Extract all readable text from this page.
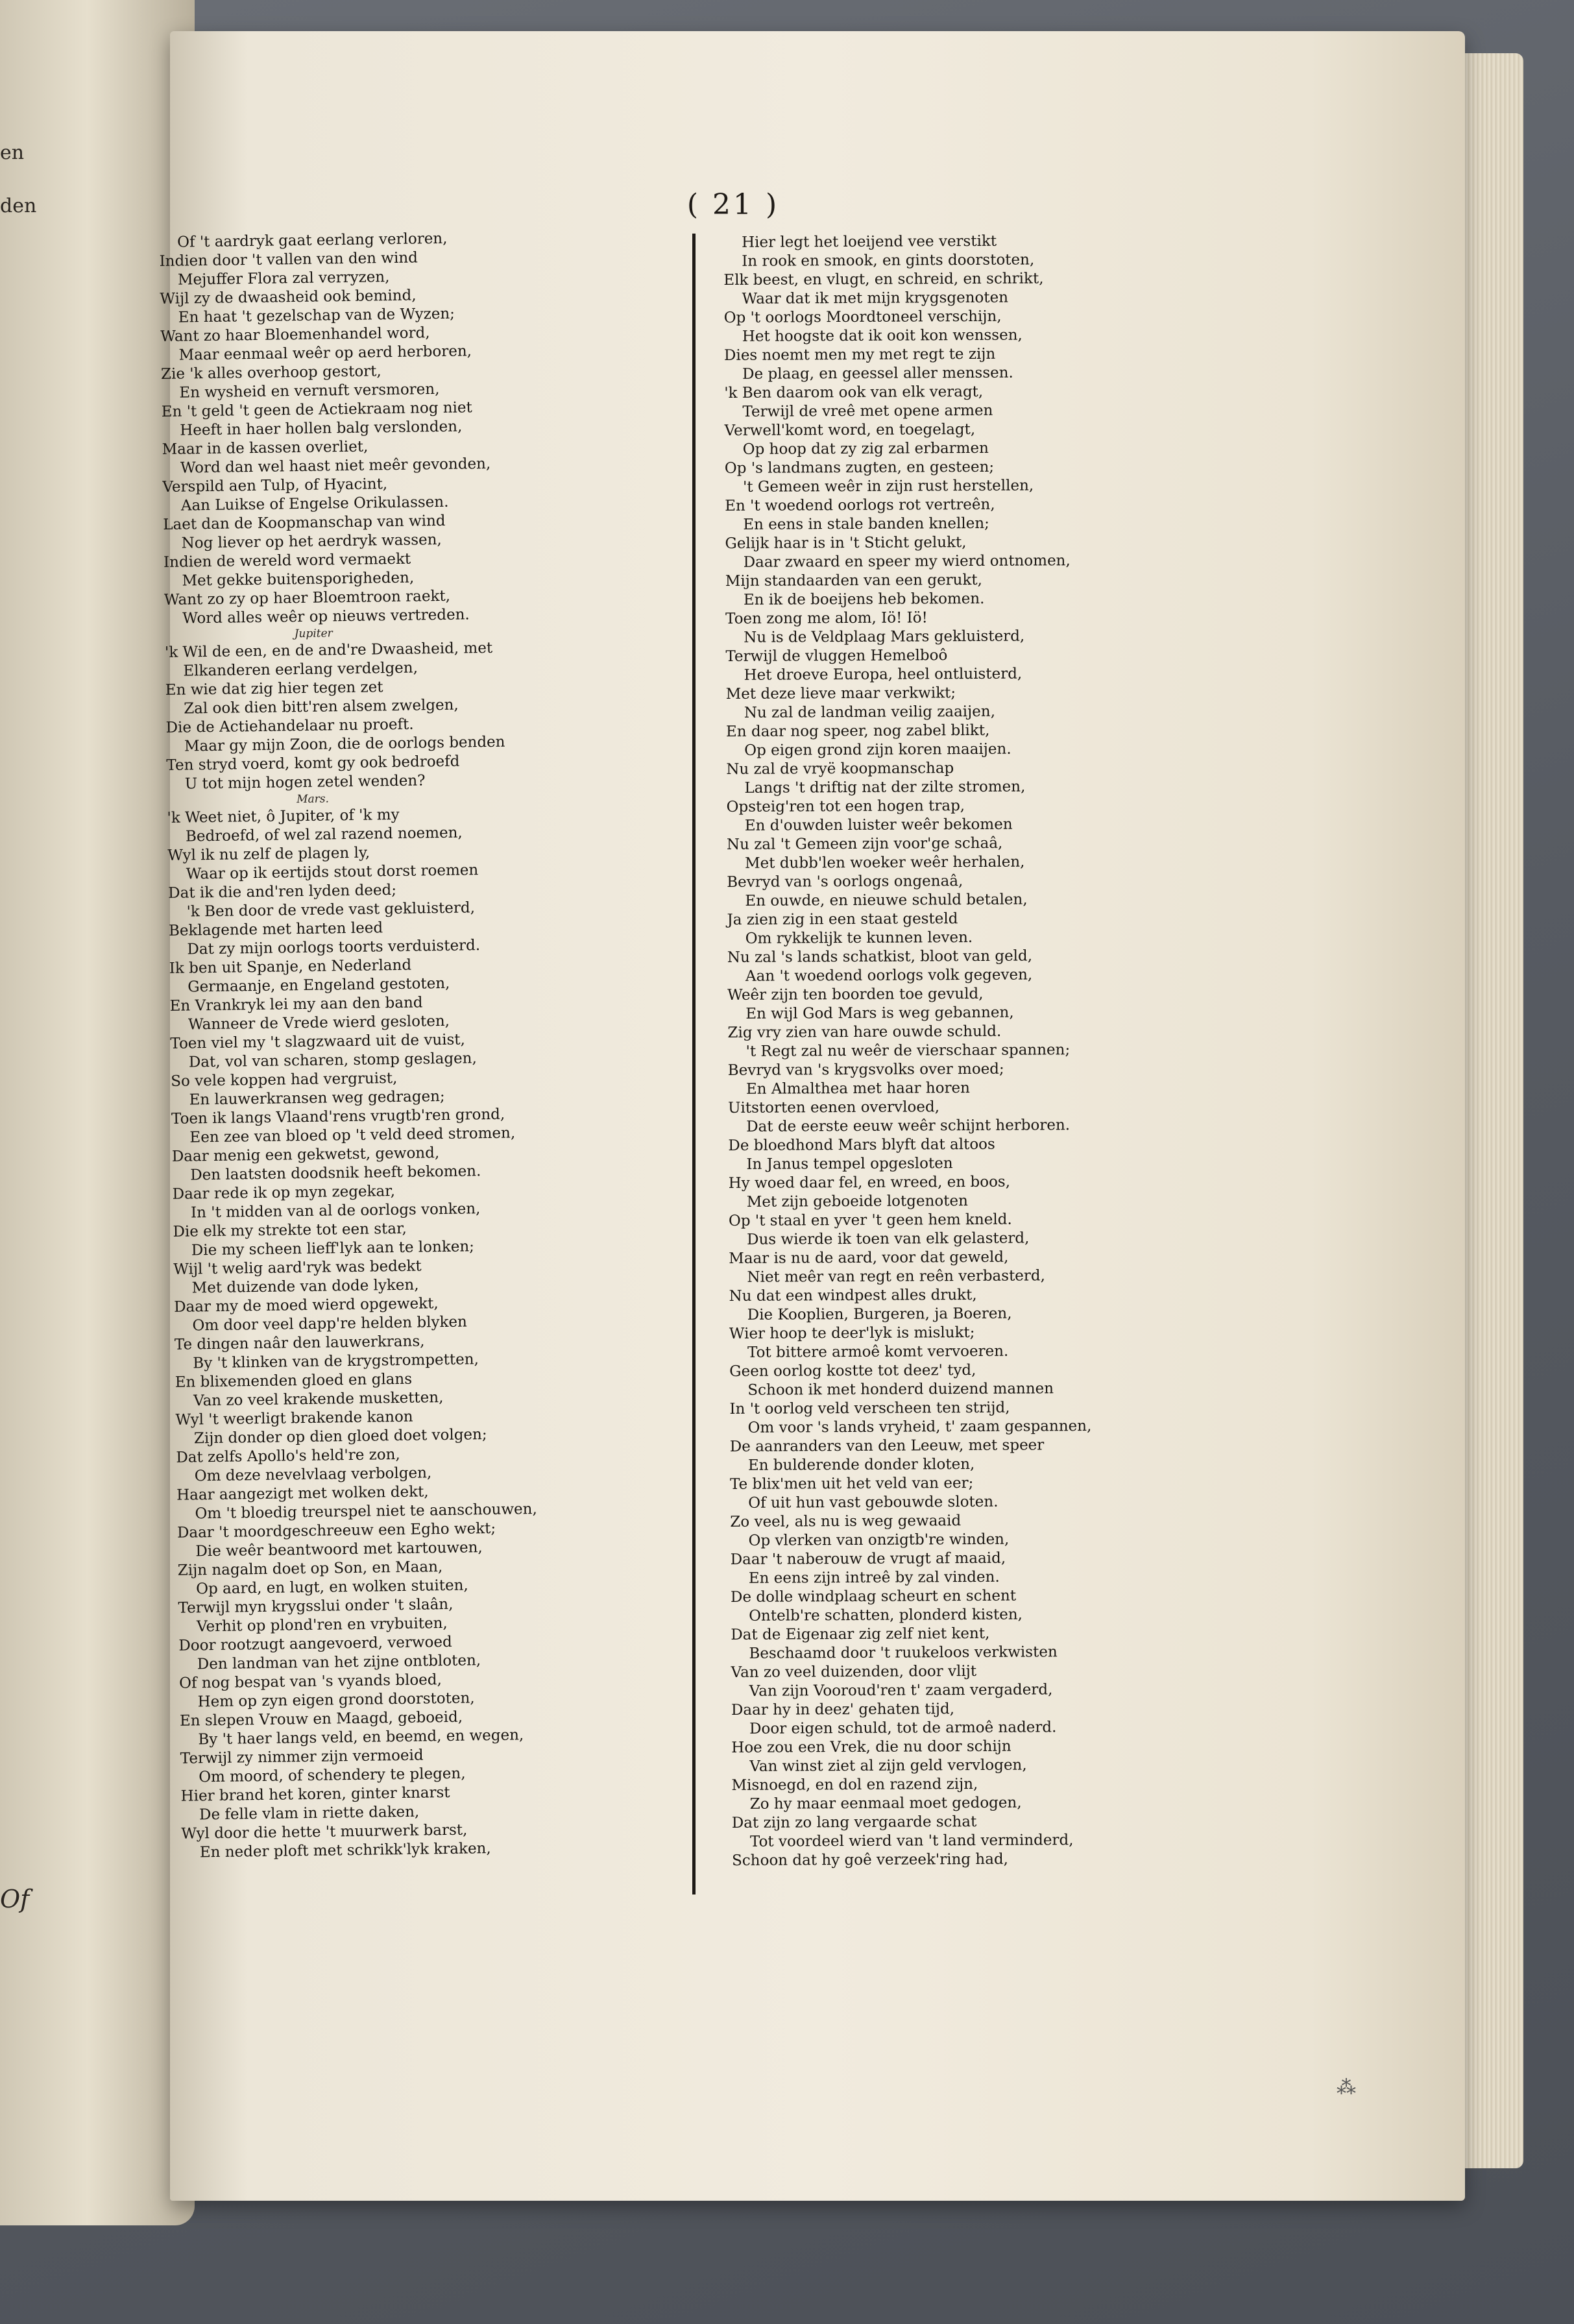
en
den
Of
( 21 )
Of 't aardryk gaat eerlang verloren,
Indien door 't vallen van den wind
Mejuffer Flora zal verryzen,
Wijl zy de dwaasheid ook bemind,
En haat 't gezelschap van de Wyzen;
Want zo haar Bloemenhandel word,
Maar eenmaal weêr op aerd herboren,
Zie 'k alles overhoop gestort,
En wysheid en vernuft versmoren,
En 't geld 't geen de Actiekraam nog niet
Heeft in haer hollen balg verslonden,
Maar in de kassen overliet,
Word dan wel haast niet meêr gevonden,
Verspild aen Tulp, of Hyacint,
Aan Luikse of Engelse Orikulassen.
Laet dan de Koopmanschap van wind
Nog liever op het aerdryk wassen,
Indien de wereld word vermaekt
Met gekke buitensporigheden,
Want zo zy op haer Bloemtroon raekt,
Word alles weêr op nieuws vertreden.
Jupiter
'k Wil de een, en de and're Dwaasheid, met
Elkanderen eerlang verdelgen,
En wie dat zig hier tegen zet
Zal ook dien bitt'ren alsem zwelgen,
Die de Actiehandelaar nu proeft.
Maar gy mijn Zoon, die de oorlogs benden
Ten stryd voerd, komt gy ook bedroefd
U tot mijn hogen zetel wenden?
Mars.
'k Weet niet, ô Jupiter, of 'k my
Bedroefd, of wel zal razend noemen,
Wyl ik nu zelf de plagen ly,
Waar op ik eertijds stout dorst roemen
Dat ik die and'ren lyden deed;
'k Ben door de vrede vast gekluisterd,
Beklagende met harten leed
Dat zy mijn oorlogs toorts verduisterd.
Ik ben uit Spanje, en Nederland
Germaanje, en Engeland gestoten,
En Vrankryk lei my aan den band
Wanneer de Vrede wierd gesloten,
Toen viel my 't slagzwaard uit de vuist,
Dat, vol van scharen, stomp geslagen,
So vele koppen had vergruist,
En lauwerkransen weg gedragen;
Toen ik langs Vlaand'rens vrugtb'ren grond,
Een zee van bloed op 't veld deed stromen,
Daar menig een gekwetst, gewond,
Den laatsten doodsnik heeft bekomen.
Daar rede ik op myn zegekar,
In 't midden van al de oorlogs vonken,
Die elk my strekte tot een star,
Die my scheen lieff'lyk aan te lonken;
Wijl 't welig aard'ryk was bedekt
Met duizende van dode lyken,
Daar my de moed wierd opgewekt,
Om door veel dapp're helden blyken
Te dingen naâr den lauwerkrans,
By 't klinken van de krygstrompetten,
En blixemenden gloed en glans
Van zo veel krakende musketten,
Wyl 't weerligt brakende kanon
Zijn donder op dien gloed doet volgen;
Dat zelfs Apollo's held're zon,
Om deze nevelvlaag verbolgen,
Haar aangezigt met wolken dekt,
Om 't bloedig treurspel niet te aanschouwen,
Daar 't moordgeschreeuw een Egho wekt;
Die weêr beantwoord met kartouwen,
Zijn nagalm doet op Son, en Maan,
Op aard, en lugt, en wolken stuiten,
Terwijl myn krygsslui onder 't slaân,
Verhit op plond'ren en vrybuiten,
Door rootzugt aangevoerd, verwoed
Den landman van het zijne ontbloten,
Of nog bespat van 's vyands bloed,
Hem op zyn eigen grond doorstoten,
En slepen Vrouw en Maagd, geboeid,
By 't haer langs veld, en beemd, en wegen,
Terwijl zy nimmer zijn vermoeid
Om moord, of schendery te plegen,
Hier brand het koren, ginter knarst
De felle vlam in riette daken,
Wyl door die hette 't muurwerk barst,
En neder ploft met schrikk'lyk kraken,
Hier legt het loeijend vee verstikt
In rook en smook, en gints doorstoten,
Elk beest, en vlugt, en schreid, en schrikt,
Waar dat ik met mijn krygsgenoten
Op 't oorlogs Moordtoneel verschijn,
Het hoogste dat ik ooit kon wenssen,
Dies noemt men my met regt te zijn
De plaag, en geessel aller menssen.
'k Ben daarom ook van elk veragt,
Terwijl de vreê met opene armen
Verwell'komt word, en toegelagt,
Op hoop dat zy zig zal erbarmen
Op 's landmans zugten, en gesteen;
't Gemeen weêr in zijn rust herstellen,
En 't woedend oorlogs rot vertreên,
En eens in stale banden knellen;
Gelijk haar is in 't Sticht gelukt,
Daar zwaard en speer my wierd ontnomen,
Mijn standaarden van een gerukt,
En ik de boeijens heb bekomen.
Toen zong me alom, Iö! Iö!
Nu is de Veldplaag Mars gekluisterd,
Terwijl de vluggen Hemelboô
Het droeve Europa, heel ontluisterd,
Met deze lieve maar verkwikt;
Nu zal de landman veilig zaaijen,
En daar nog speer, nog zabel blikt,
Op eigen grond zijn koren maaijen.
Nu zal de vryë koopmanschap
Langs 't driftig nat der zilte stromen,
Opsteig'ren tot een hogen trap,
En d'ouwden luister weêr bekomen
Nu zal 't Gemeen zijn voor'ge schaâ,
Met dubb'len woeker weêr herhalen,
Bevryd van 's oorlogs ongenaâ,
En ouwde, en nieuwe schuld betalen,
Ja zien zig in een staat gesteld
Om rykkelijk te kunnen leven.
Nu zal 's lands schatkist, bloot van geld,
Aan 't woedend oorlogs volk gegeven,
Weêr zijn ten boorden toe gevuld,
En wijl God Mars is weg gebannen,
Zig vry zien van hare ouwde schuld.
't Regt zal nu weêr de vierschaar spannen;
Bevryd van 's krygsvolks over moed;
En Almalthea met haar horen
Uitstorten eenen overvloed,
Dat de eerste eeuw weêr schijnt herboren.
De bloedhond Mars blyft dat altoos
In Janus tempel opgesloten
Hy woed daar fel, en wreed, en boos,
Met zijn geboeide lotgenoten
Op 't staal en yver 't geen hem kneld.
Dus wierde ik toen van elk gelasterd,
Maar is nu de aard, voor dat geweld,
Niet meêr van regt en reên verbasterd,
Nu dat een windpest alles drukt,
Die Kooplien, Burgeren, ja Boeren,
Wier hoop te deer'lyk is mislukt;
Tot bittere armoê komt vervoeren.
Geen oorlog kostte tot deez' tyd,
Schoon ik met honderd duizend mannen
In 't oorlog veld verscheen ten strijd,
Om voor 's lands vryheid, t' zaam gespannen,
De aanranders van den Leeuw, met speer
En bulderende donder kloten,
Te blix'men uit het veld van eer;
Of uit hun vast gebouwde sloten.
Zo veel, als nu is weg gewaaid
Op vlerken van onzigtb're winden,
Daar 't naberouw de vrugt af maaid,
En eens zijn intreê by zal vinden.
De dolle windplaag scheurt en schent
Ontelb're schatten, plonderd kisten,
Dat de Eigenaar zig zelf niet kent,
Beschaamd door 't ruukeloos verkwisten
Van zo veel duizenden, door vlijt
Van zijn Vooroud'ren t' zaam vergaderd,
Daar hy in deez' gehaten tijd,
Door eigen schuld, tot de armoê naderd.
Hoe zou een Vrek, die nu door schijn
Van winst ziet al zijn geld vervlogen,
Misnoegd, en dol en razend zijn,
Zo hy maar eenmaal moet gedogen,
Dat zijn zo lang vergaarde schat
Tot voordeel wierd van 't land verminderd,
Schoon dat hy goê verzeek'ring had,
⁂
